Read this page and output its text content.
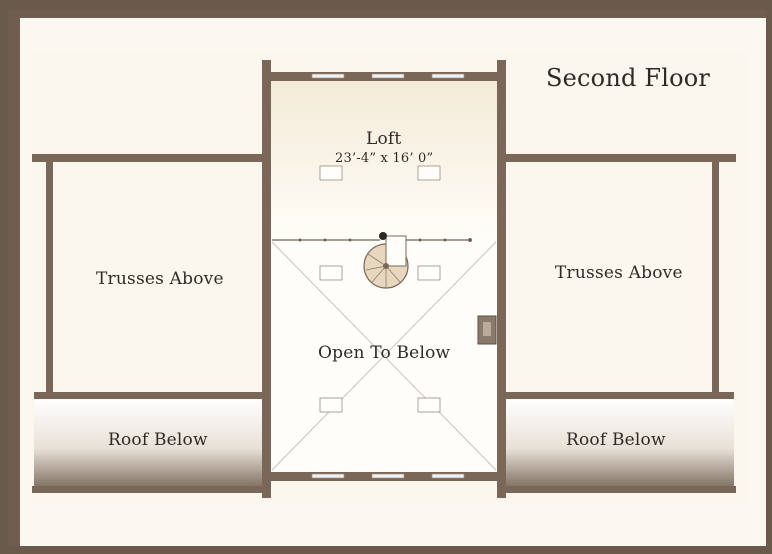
Second Floor
Loft
23’-4” x 16’ 0”
Trusses Above	Trusses Above
Open To Below
Roof Below	Roof Below
